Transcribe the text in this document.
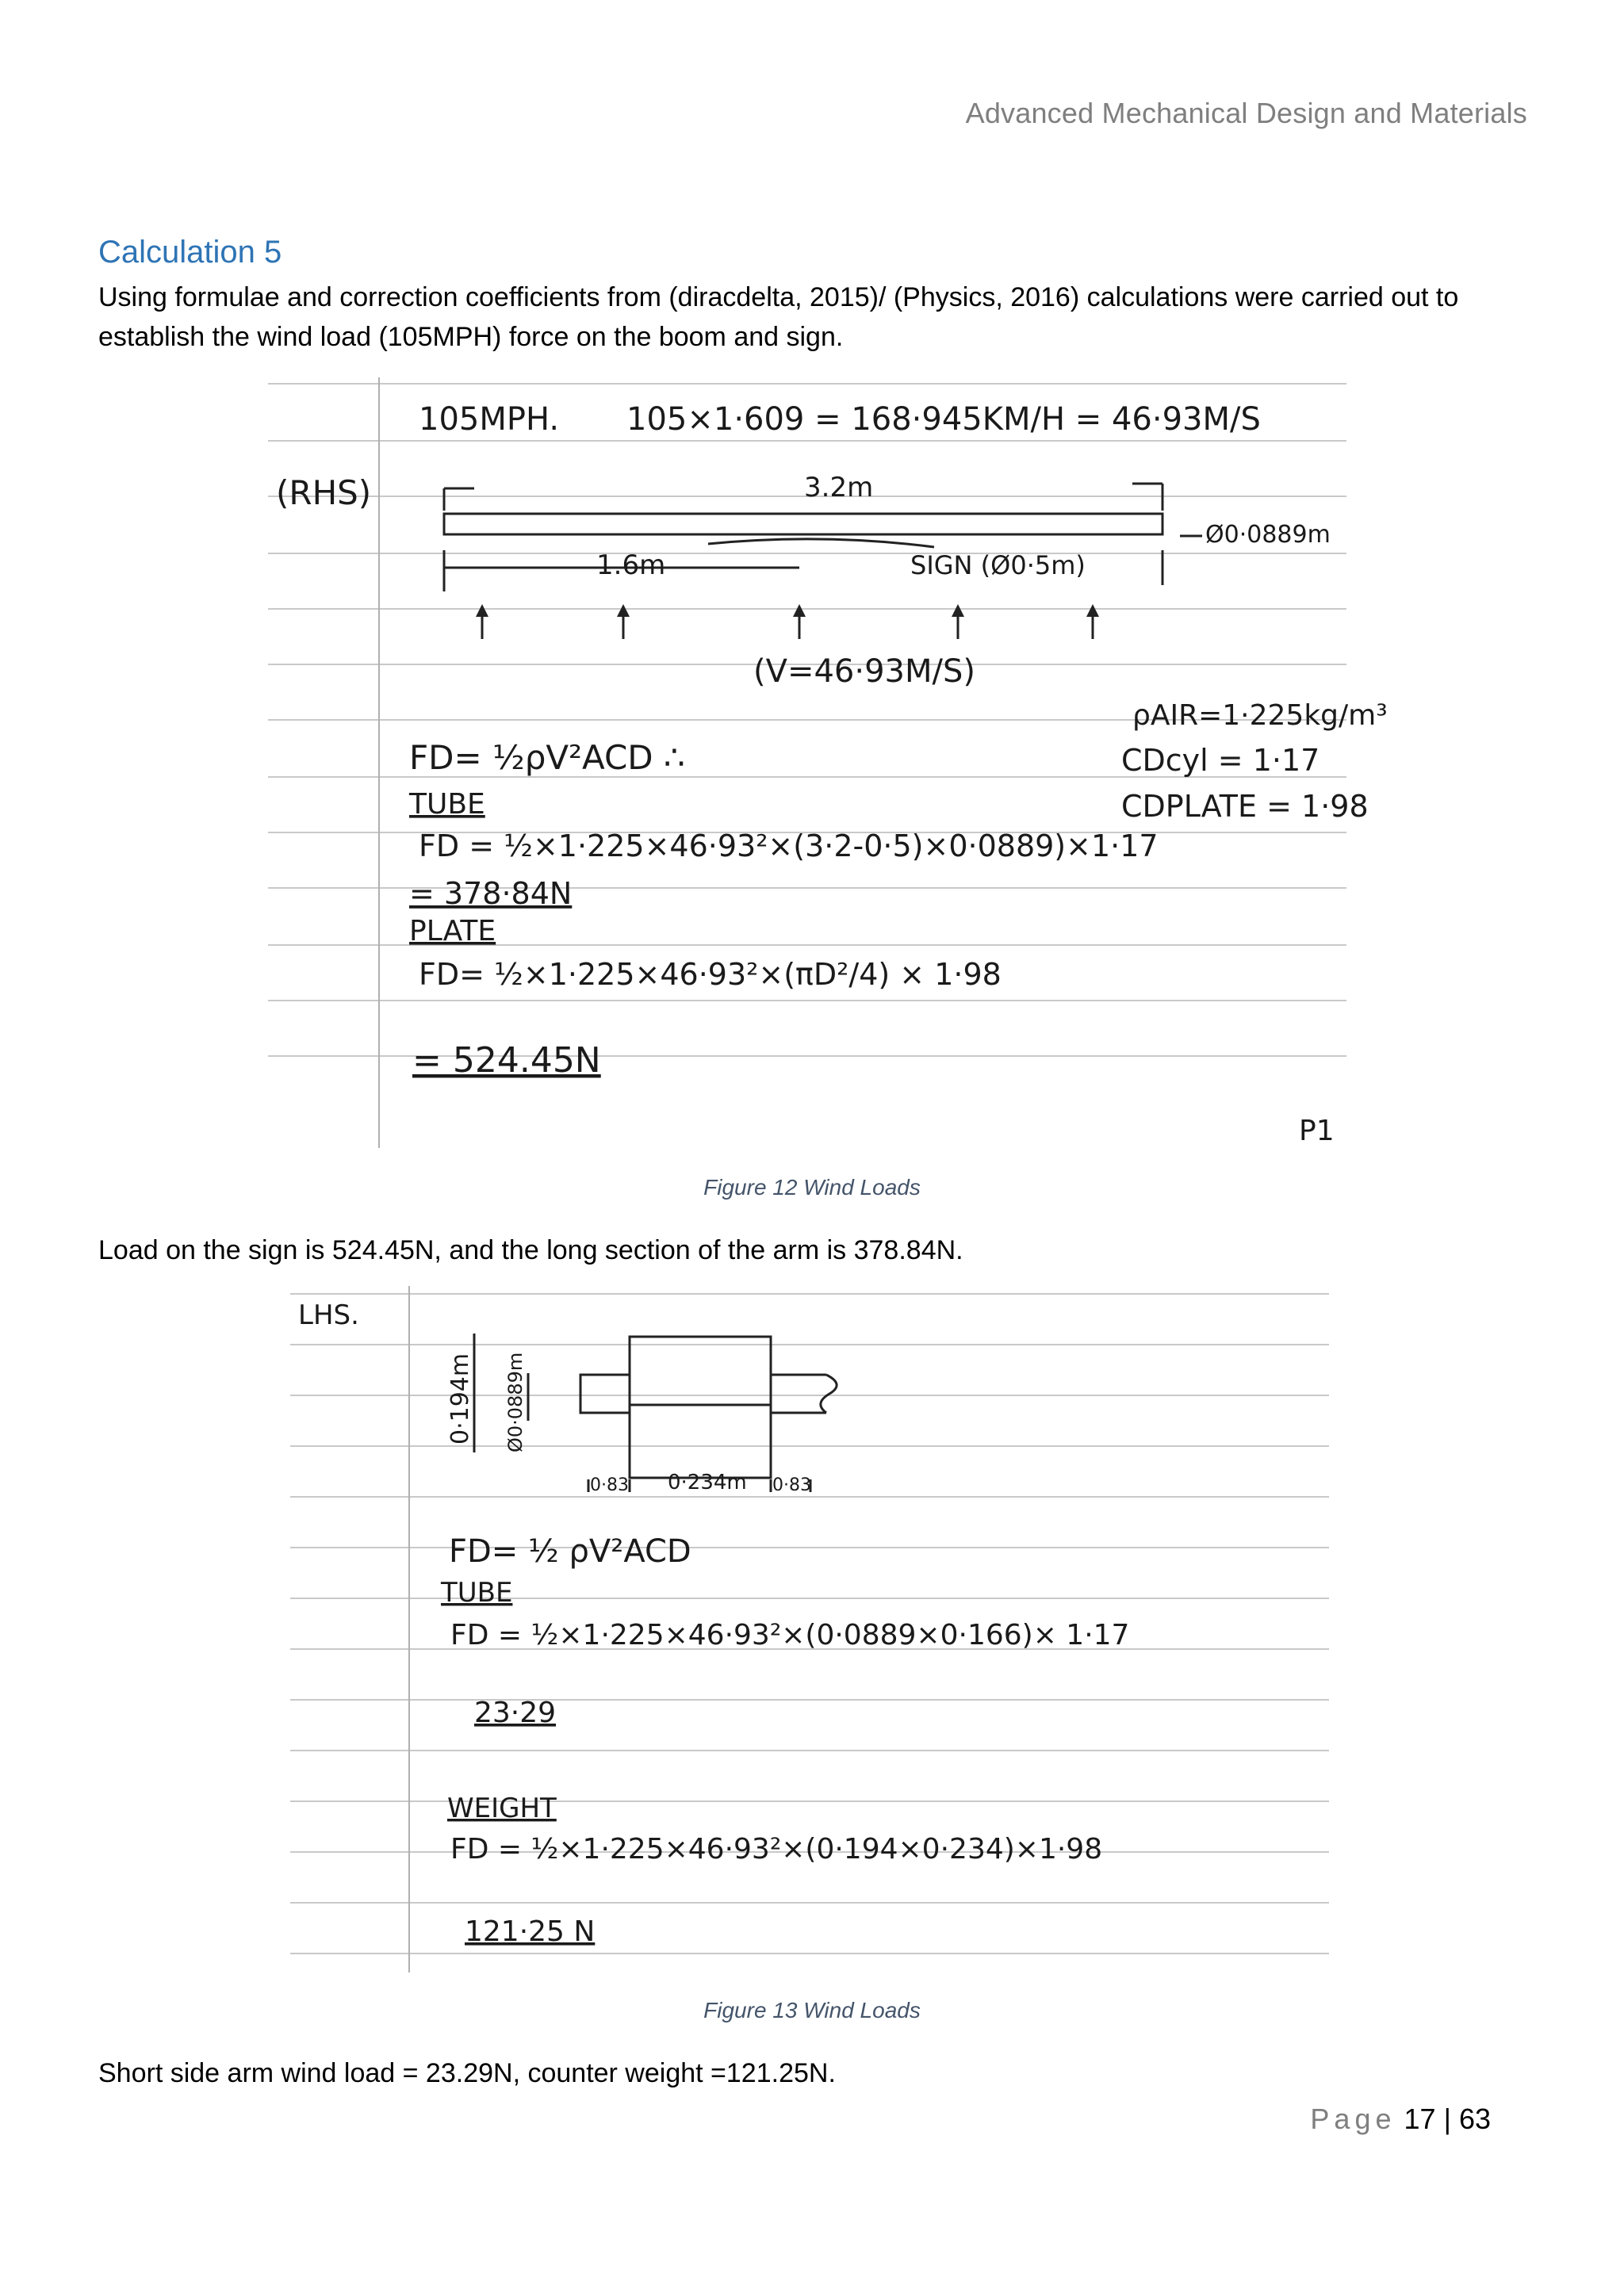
Advanced Mechanical Design and Materials
Calculation 5
Using formulae and correction coefficients from (diracdelta, 2015)/ (Physics, 2016) calculations were carried out to establish the wind load (105MPH) force on the boom and sign.
105MPH. 105×1·609 = 168·945KM/H = 46·93M/S
(RHS)	3.2m
1.6m	SIGN (Ø0·5m)
Ø0·0889m
(V=46·93M/S)
ρAIR=1·225kg/m³
CDcyl = 1·17
CDPLATE = 1·98
FD= ½ρV²ACD ∴
TUBE
FD = ½×1·225×46·93²×(3·2-0·5)×0·0889)×1·17
= 378·84N
PLATE
FD= ½×1·225×46·93²×(πD²/4) × 1·98
= 524.45N
P1
Figure 12 Wind Loads
Load on the sign is 524.45N, and the long section of the arm is 378.84N.
LHS.
0·194m Ø0·0889m
0·83 0·234m 0·83
FD= ½ ρV²ACD
TUBE
FD = ½×1·225×46·93²×(0·0889×0·166)× 1·17
23·29
WEIGHT
FD = ½×1·225×46·93²×(0·194×0·234)×1·98
121·25 N
Figure 13 Wind Loads
Short side arm wind load = 23.29N, counter weight =121.25N.
Page 17 | 63
